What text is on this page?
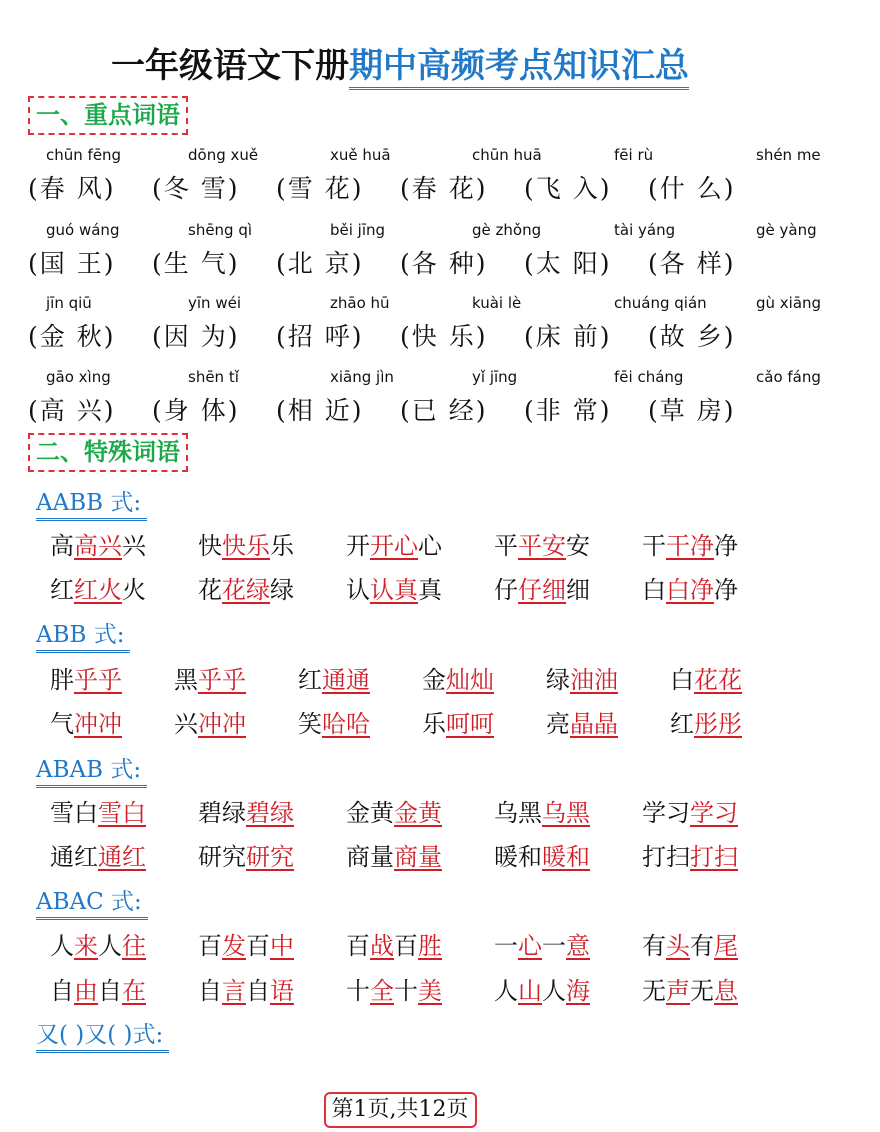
一年级语文下册期中高频考点知识汇总
一、重点词语
chūn fēng	dōng xuě	xuě huā	chūn huā	fēi rù	shén me
(春 风)	(冬 雪)	(雪 花)	(春 花)	(飞 入)	(什 么)
guó wáng	shēng qì	běi jīng	gè zhǒng	tài yáng	gè yàng
(国 王)	(生 气)	(北 京)	(各 种)	(太 阳)	(各 样)
jīn qiū	yīn wéi	zhāo hū	kuài lè	chuáng qián	gù xiāng
(金 秋)	(因 为)	(招 呼)	(快 乐)	(床 前)	(故 乡)
gāo xìng	shēn tǐ	xiāng jìn	yǐ jīng	fēi cháng	cǎo fáng
(高 兴)	(身 体)	(相 近)	(已 经)	(非 常)	(草 房)
二、特殊词语
AABB 式:
高高兴兴	快快乐乐	开开心心	平平安安	干干净净
红红火火	花花绿绿	认认真真	仔仔细细	白白净净
ABB 式:
胖乎乎	黑乎乎	红通通	金灿灿	绿油油	白花花
气冲冲	兴冲冲	笑哈哈	乐呵呵	亮晶晶	红彤彤
ABAB 式:
雪白雪白	碧绿碧绿	金黄金黄	乌黑乌黑	学习学习
通红通红	研究研究	商量商量	暖和暖和	打扫打扫
ABAC 式:
人来人往	百发百中	百战百胜	一心一意	有头有尾
自由自在	自言自语	十全十美	人山人海	无声无息
又( )又( )式:
第1页,共12页
